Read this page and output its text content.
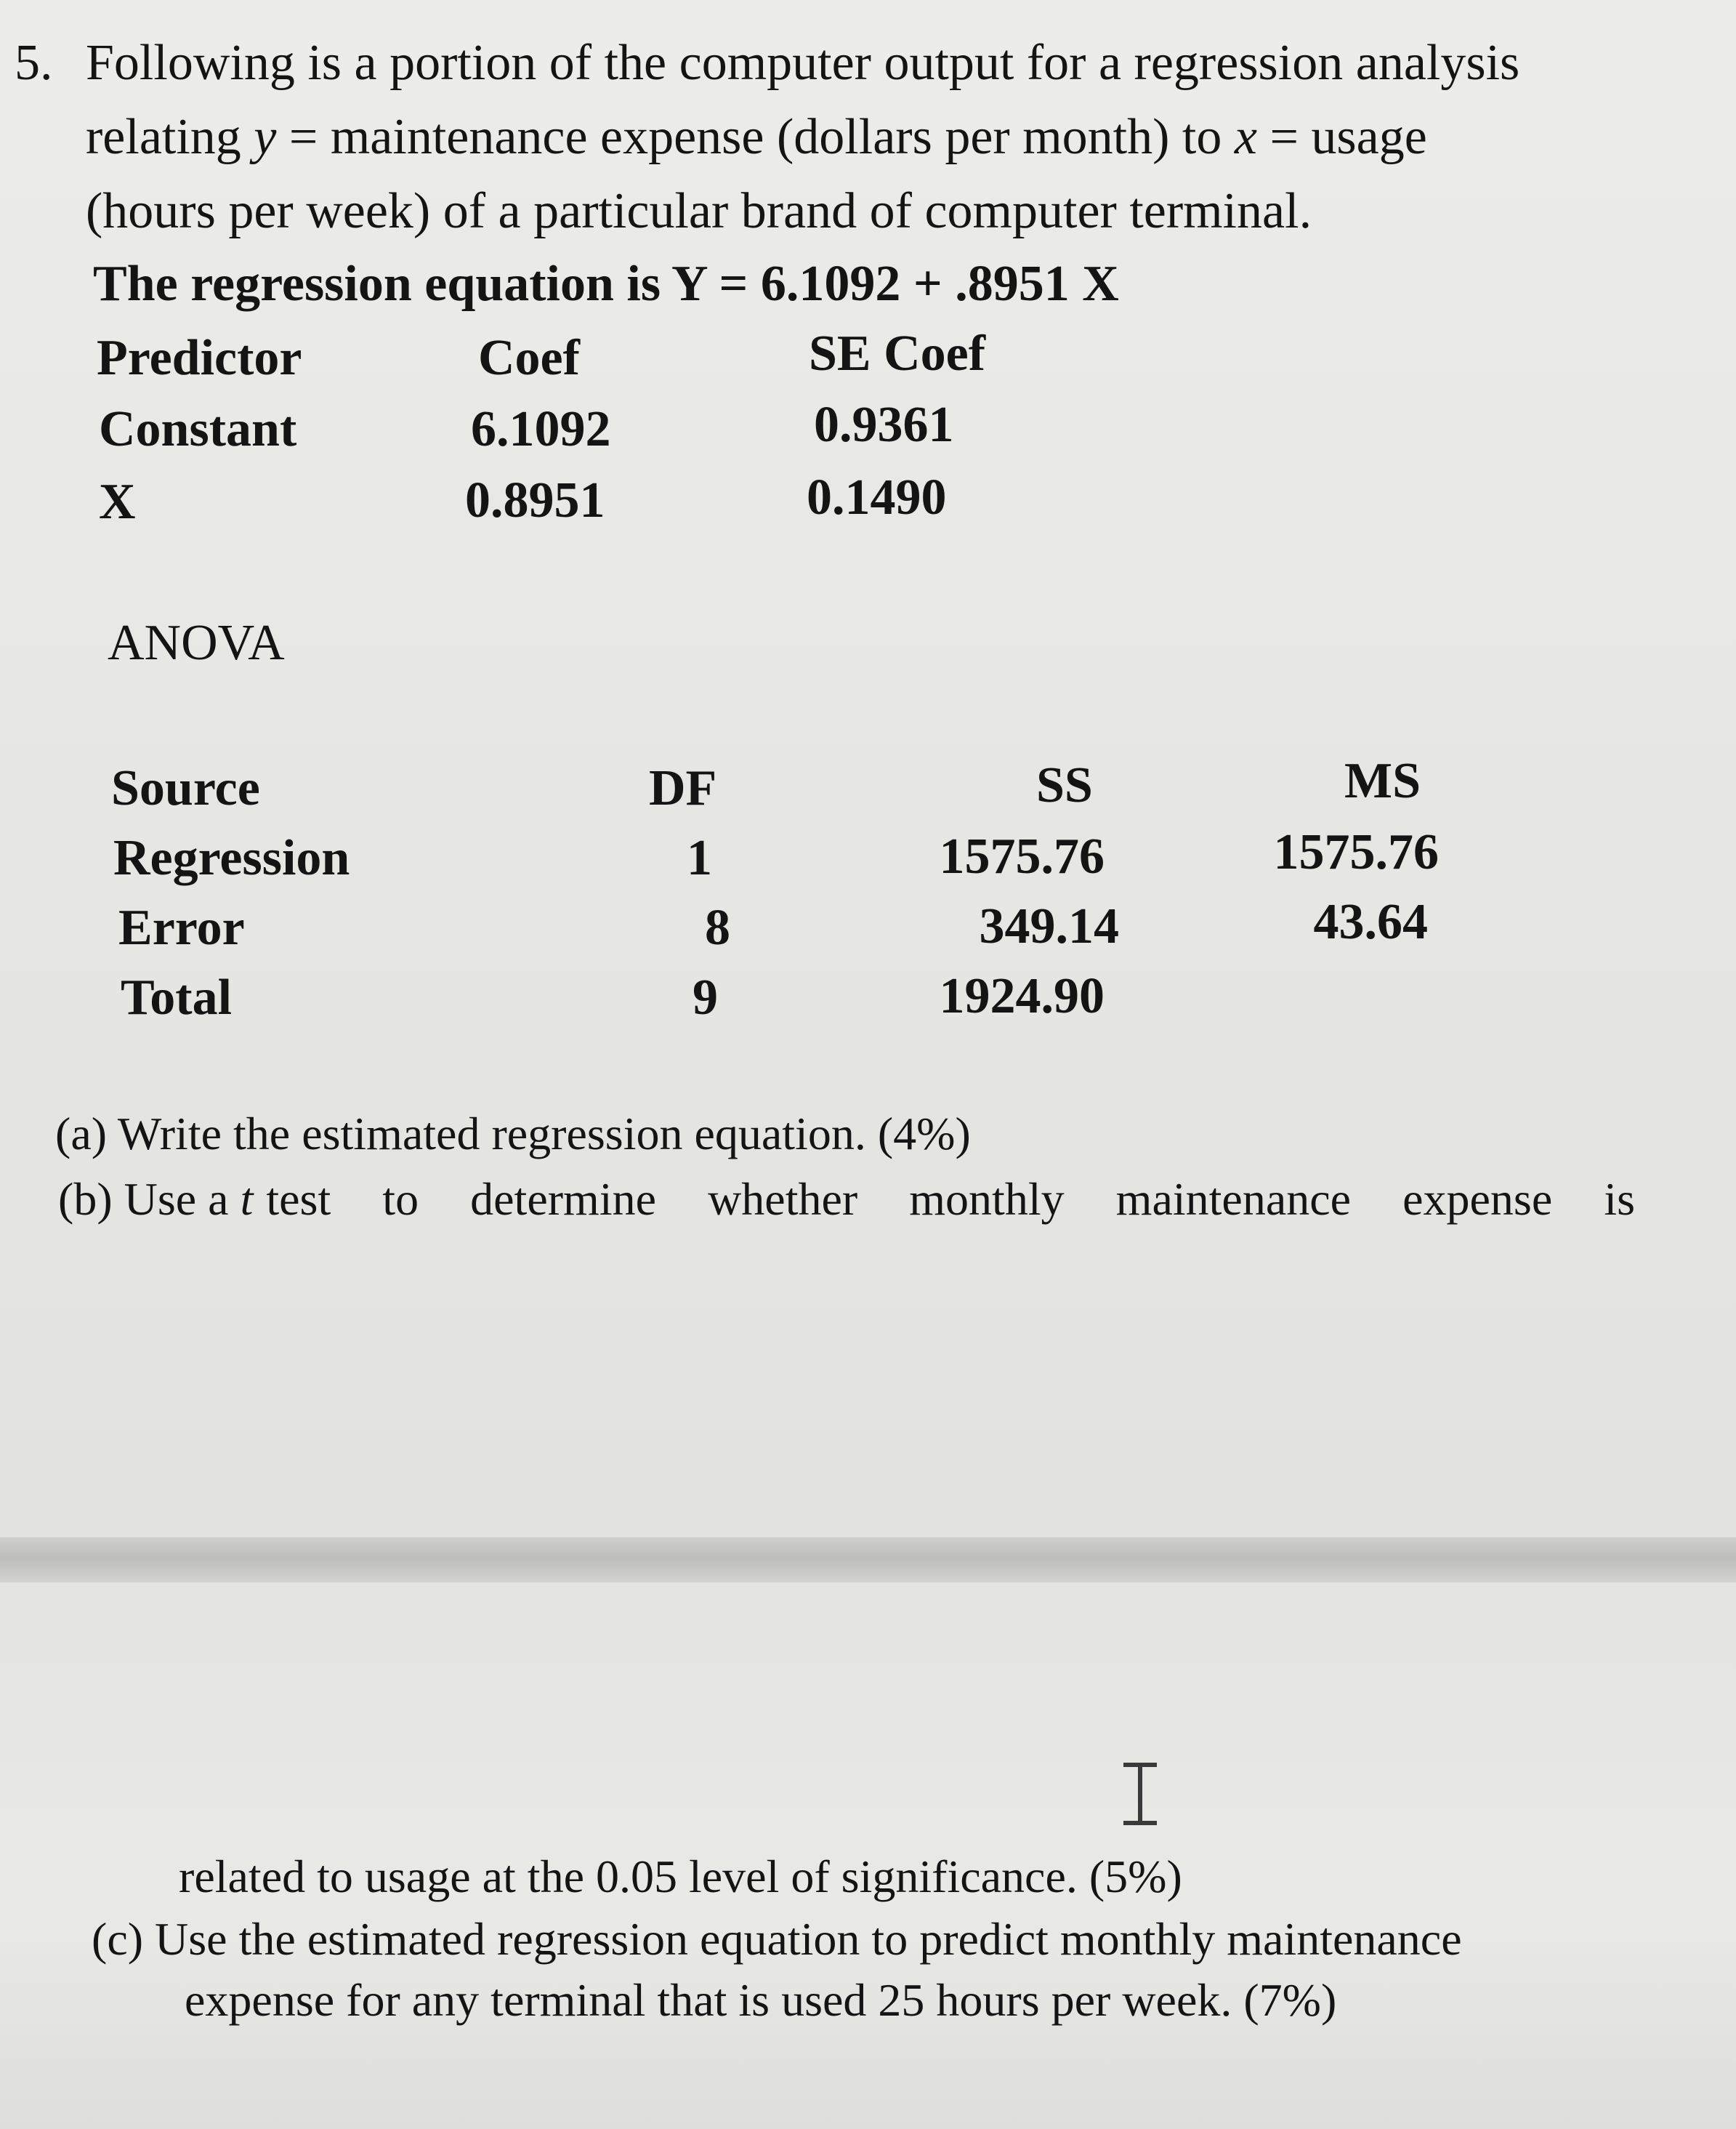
5. Following is a portion of the computer output for a regression analysis
relating y = maintenance expense (dollars per month) to x = usage
(hours per week) of a particular brand of computer terminal.
The regression equation is Y = 6.1092 + .8951 X
Predictor	Coef	SE Coef
Constant	6.1092	0.9361
X	0.8951	0.1490
ANOVA
Source	DF	SS	MS
Regression	1	1575.76	1575.76
Error	8	349.14	43.64
Total	9	1924.90
(a) Write the estimated regression equation. (4%)
(b) Use a t test to determine whether monthly maintenance expense is
related to usage at the 0.05 level of significance. (5%)
(c) Use the estimated regression equation to predict monthly maintenance
expense for any terminal that is used 25 hours per week. (7%)
